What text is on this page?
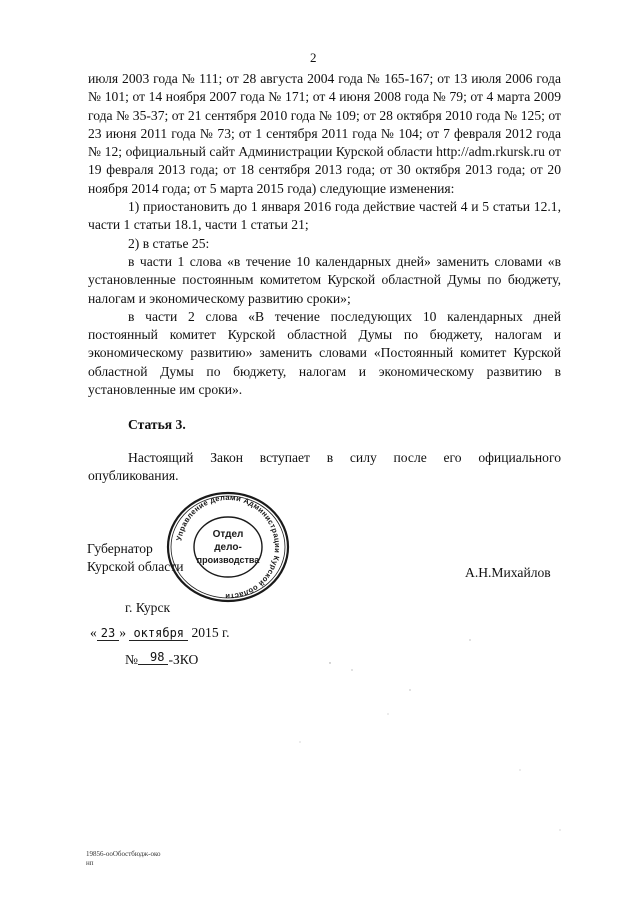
2

июля 2003 года № 111; от 28 августа 2004 года № 165-167; от 13 июля 2006 года № 101; от 14 ноября 2007 года № 171; от 4 июня 2008 года № 79; от 4 марта 2009 года № 35-37; от 21 сентября 2010 года № 109; от 28 октября 2010 года № 125; от 23 июня 2011 года № 73; от 1 сентября 2011 года № 104; от 7 февраля 2012 года № 12; официальный сайт Администрации Курской области http://adm.rkursk.ru от 19 февраля 2013 года; от 18 сентября 2013 года; от 30 октября 2013 года; от 20 ноября 2014 года; от 5 марта 2015 года) следующие изменения:

1) приостановить до 1 января 2016 года действие частей 4 и 5 статьи 12.1, части 1 статьи 18.1, части 1 статьи 21;

2) в статье 25:

в части 1 слова «в течение 10 календарных дней» заменить словами «в установленные постоянным комитетом Курской областной Думы по бюджету, налогам и экономическому развитию сроки»;

в части 2 слова «В течение последующих 10 календарных дней постоянный комитет Курской областной Думы по бюджету, налогам и экономическому развитию» заменить словами «Постоянный комитет Курской областной Думы по бюджету, налогам и экономическому развитию в установленные им сроки».

Статья 3.

Настоящий Закон вступает в силу после его официального опубликования.

Губернатор
Курской области
Управление делами Администрации Курской области
Отдел
дело-
производства
А.Н.Михайлов
г. Курск
« 23 » октября 2015 г.
№ 98 -ЗКО
19856-ооОбостбюдж-око
нп
